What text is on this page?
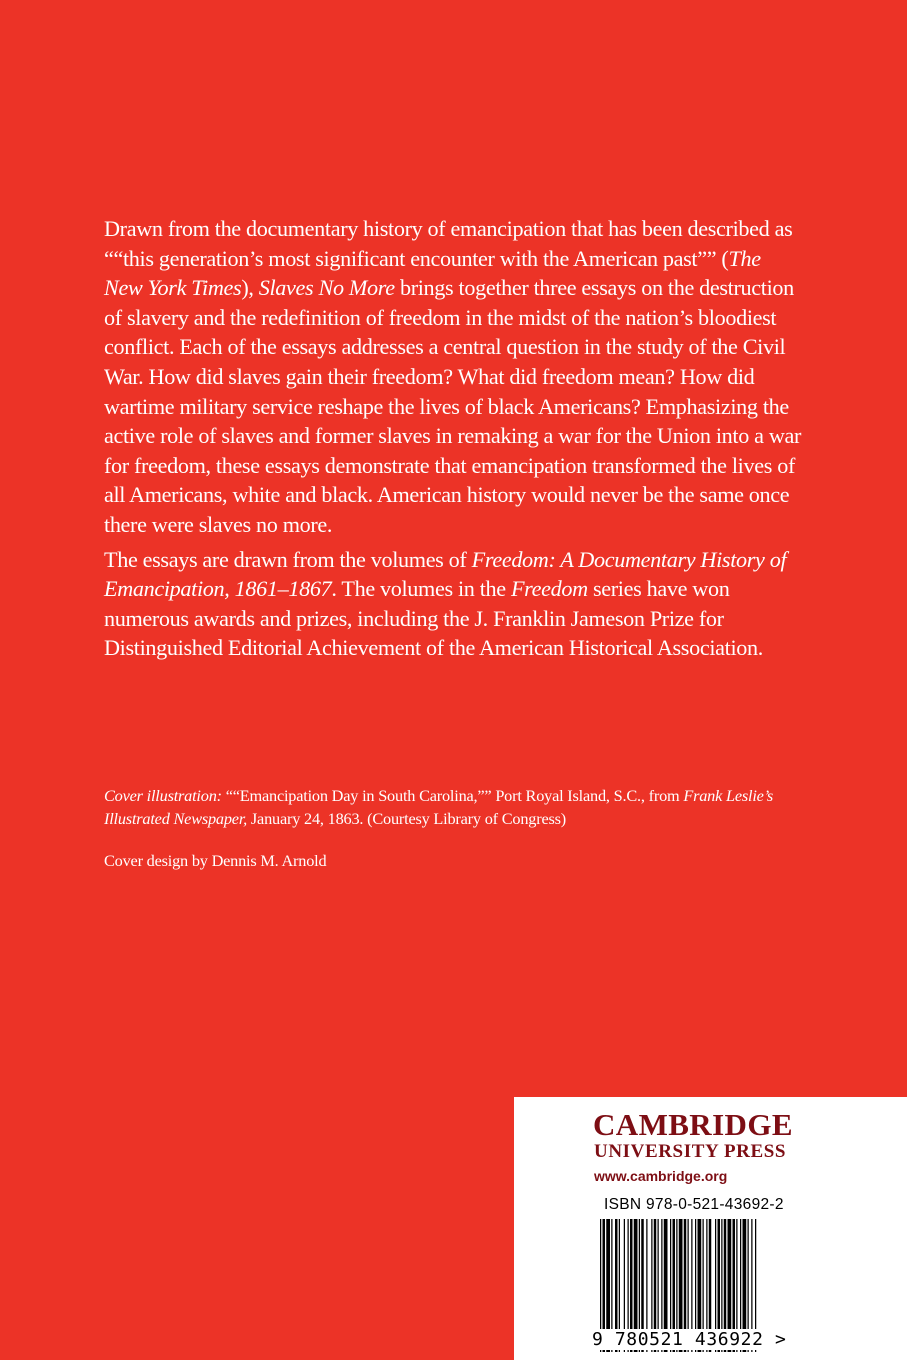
Drawn from the documentary history of emancipation that has been described as ““this generation’s most significant encounter with the American past”” (The New York Times), Slaves No More brings together three essays on the destruction of slavery and the redefinition of freedom in the midst of the nation’s bloodiest conflict. Each of the essays addresses a central question in the study of the Civil War. How did slaves gain their freedom? What did freedom mean? How did wartime military service reshape the lives of black Americans? Emphasizing the active role of slaves and former slaves in remaking a war for the Union into a war for freedom, these essays demonstrate that emancipation transformed the lives of all Americans, white and black. American history would never be the same once there were slaves no more.

The essays are drawn from the volumes of Freedom: A Documentary History of Emancipation, 1861–1867. The volumes in the Freedom series have won numerous awards and prizes, including the J. Franklin Jameson Prize for Distinguished Editorial Achievement of the American Historical Association.

Cover illustration: ““Emancipation Day in South Carolina,”” Port Royal Island, S.C., from Frank Leslie’s Illustrated Newspaper, January 24, 1863. (Courtesy Library of Congress)

Cover design by Dennis M. Arnold

CAMBRIDGE
UNIVERSITY PRESS
www.cambridge.org
ISBN 978-0-521-43692-2
9 780521 436922 >
